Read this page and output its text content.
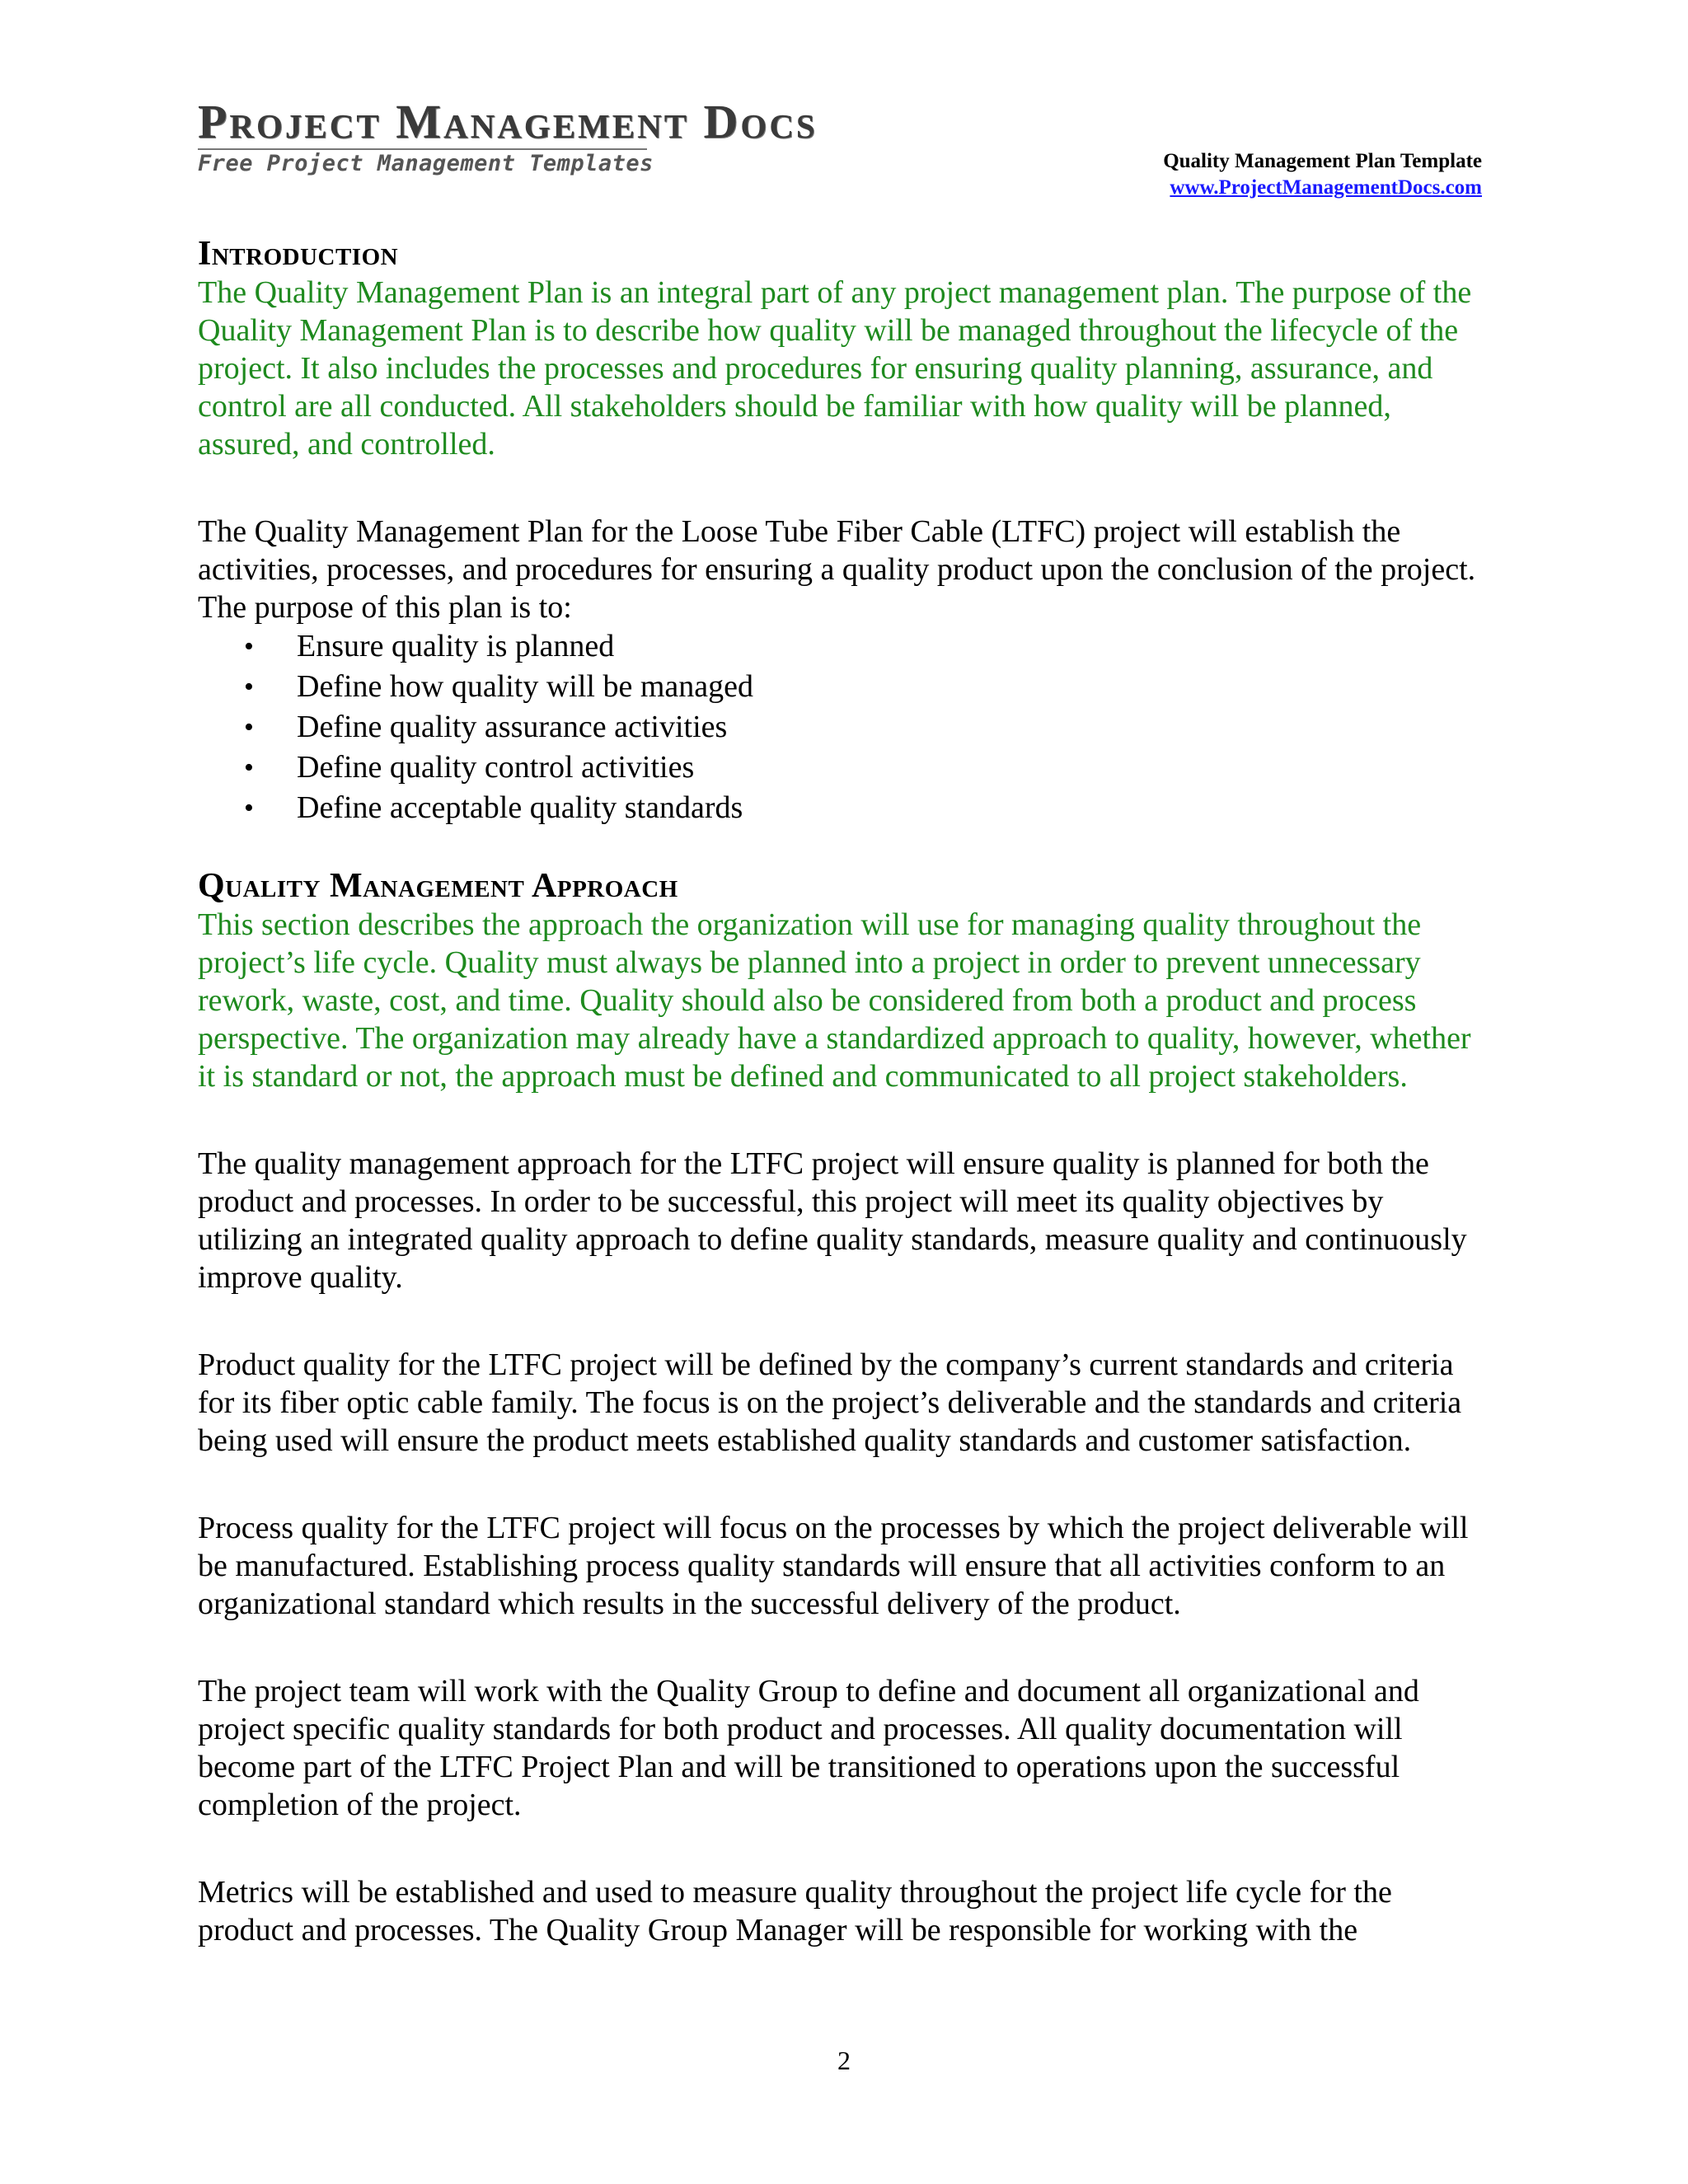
Project Management Docs
Free Project Management Templates	Quality Management Plan Template
www.ProjectManagementDocs.com
Introduction

The Quality Management Plan is an integral part of any project management plan. The purpose of the Quality Management Plan is to describe how quality will be managed throughout the lifecycle of the project. It also includes the processes and procedures for ensuring quality planning, assurance, and control are all conducted. All stakeholders should be familiar with how quality will be planned, assured, and controlled.

The Quality Management Plan for the Loose Tube Fiber Cable (LTFC) project will establish the activities, processes, and procedures for ensuring a quality product upon the conclusion of the project. The purpose of this plan is to:

• Ensure quality is planned
• Define how quality will be managed
• Define quality assurance activities
• Define quality control activities
• Define acceptable quality standards
Quality Management Approach

This section describes the approach the organization will use for managing quality throughout the project’s life cycle. Quality must always be planned into a project in order to prevent unnecessary rework, waste, cost, and time. Quality should also be considered from both a product and process perspective. The organization may already have a standardized approach to quality, however, whether it is standard or not, the approach must be defined and communicated to all project stakeholders.

The quality management approach for the LTFC project will ensure quality is planned for both the product and processes. In order to be successful, this project will meet its quality objectives by utilizing an integrated quality approach to define quality standards, measure quality and continuously improve quality.

Product quality for the LTFC project will be defined by the company’s current standards and criteria for its fiber optic cable family. The focus is on the project’s deliverable and the standards and criteria being used will ensure the product meets established quality standards and customer satisfaction.

Process quality for the LTFC project will focus on the processes by which the project deliverable will be manufactured. Establishing process quality standards will ensure that all activities conform to an organizational standard which results in the successful delivery of the product.

The project team will work with the Quality Group to define and document all organizational and project specific quality standards for both product and processes. All quality documentation will become part of the LTFC Project Plan and will be transitioned to operations upon the successful completion of the project.

Metrics will be established and used to measure quality throughout the project life cycle for the product and processes. The Quality Group Manager will be responsible for working with the

2
